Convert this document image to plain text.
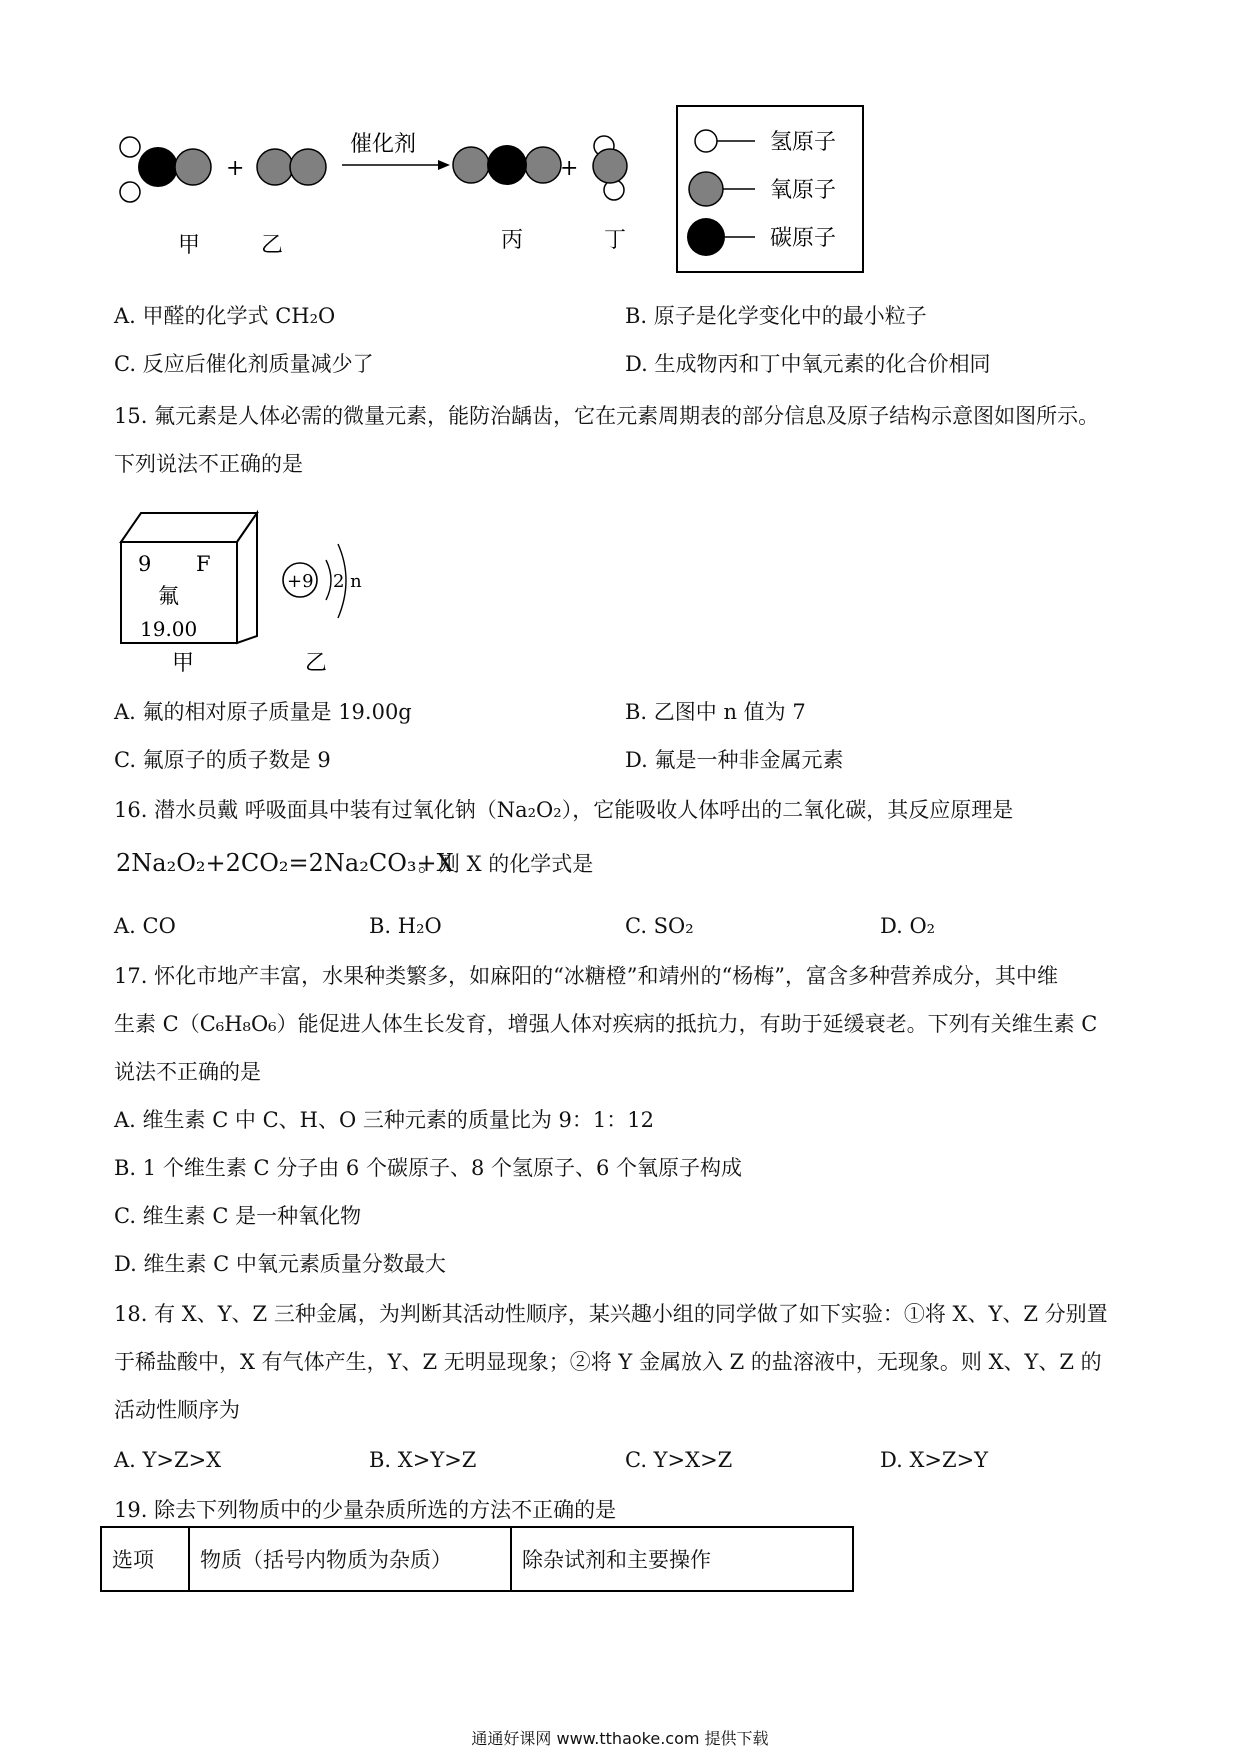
+
催化剂
+
甲	乙	丙	丁
氢原子
氧原子
碳原子
A. 甲醛的化学式 CH₂O	B. 原子是化学变化中的最小粒子
C. 反应后催化剂质量减少了	D. 生成物丙和丁中氧元素的化合价相同
15. 氟元素是人体必需的微量元素，能防治龋齿，它在元素周期表的部分信息及原子结构示意图如图所示。
下列说法不正确的是
9 F
氟
19.00
甲
+9 2 n
乙
A. 氟的相对原子质量是 19.00g	B. 乙图中 n 值为 7
C. 氟原子的质子数是 9	D. 氟是一种非金属元素
16. 潜水员戴 呼吸面具中装有过氧化钠（Na₂O₂），它能吸收人体呼出的二氧化碳，其反应原理是
2Na₂O₂+2CO₂=2Na₂CO₃+X
。则 X 的化学式是
A. CO	B. H₂O	C. SO₂	D. O₂
17. 怀化市地产丰富，水果种类繁多，如麻阳的“冰糖橙”和靖州的“杨梅”，富含多种营养成分，其中维
生素 C（C₆H₈O₆）能促进人体生长发育，增强人体对疾病的抵抗力，有助于延缓衰老。下列有关维生素 C
说法不正确的是
A. 维生素 C 中 C、H、O 三种元素的质量比为 9：1：12
B. 1 个维生素 C 分子由 6 个碳原子、8 个氢原子、6 个氧原子构成
C. 维生素 C 是一种氧化物
D. 维生素 C 中氧元素质量分数最大
18. 有 X、Y、Z 三种金属，为判断其活动性顺序，某兴趣小组的同学做了如下实验：①将 X、Y、Z 分别置
于稀盐酸中，X 有气体产生，Y、Z 无明显现象；②将 Y 金属放入 Z 的盐溶液中，无现象。则 X、Y、Z 的
活动性顺序为
A. Y>Z>X	B. X>Y>Z	C. Y>X>Z	D. X>Z>Y
19. 除去下列物质中的少量杂质所选的方法不正确的是
选项	物质（括号内物质为杂质）	除杂试剂和主要操作
通通好课网 www.tthaoke.com 提供下载
